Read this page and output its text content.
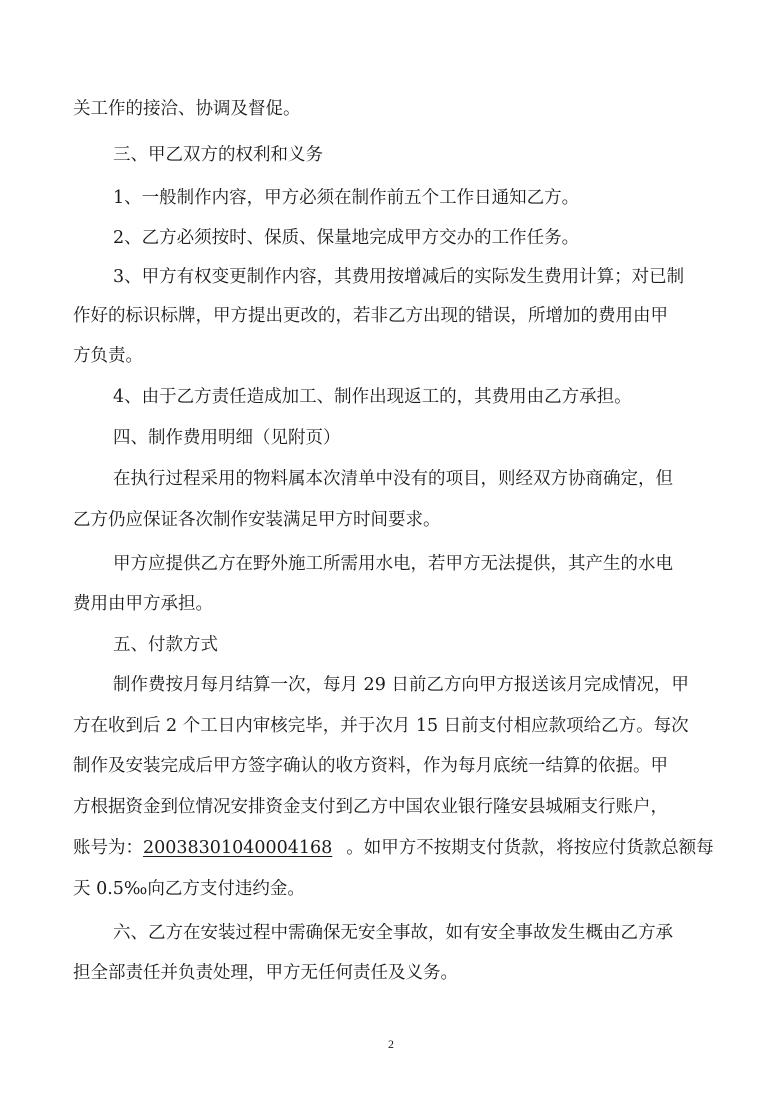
关工作的接洽、协调及督促。
三、甲乙双方的权利和义务
1、一般制作内容，甲方必须在制作前五个工作日通知乙方。
2、乙方必须按时、保质、保量地完成甲方交办的工作任务。
3、甲方有权变更制作内容，其费用按增减后的实际发生费用计算；对已制
作好的标识标牌，甲方提出更改的，若非乙方出现的错误，所增加的费用由甲
方负责。
4、由于乙方责任造成加工、制作出现返工的，其费用由乙方承担。
四、制作费用明细（见附页）
在执行过程采用的物料属本次清单中没有的项目，则经双方协商确定，但
乙方仍应保证各次制作安装满足甲方时间要求。
甲方应提供乙方在野外施工所需用水电，若甲方无法提供，其产生的水电
费用由甲方承担。
五、付款方式
制作费按月每月结算一次，每月 29 日前乙方向甲方报送该月完成情况，甲
方在收到后 2 个工日内审核完毕，并于次月 15 日前支付相应款项给乙方。每次
制作及安装完成后甲方签字确认的收方资料，作为每月底统一结算的依据。甲
方根据资金到位情况安排资金支付到乙方中国农业银行隆安县城厢支行账户，
账号为：20038301040004168 。如甲方不按期支付货款，将按应付货款总额每
天 0.5‰向乙方支付违约金。
六、乙方在安装过程中需确保无安全事故，如有安全事故发生概由乙方承
担全部责任并负责处理，甲方无任何责任及义务。
2
